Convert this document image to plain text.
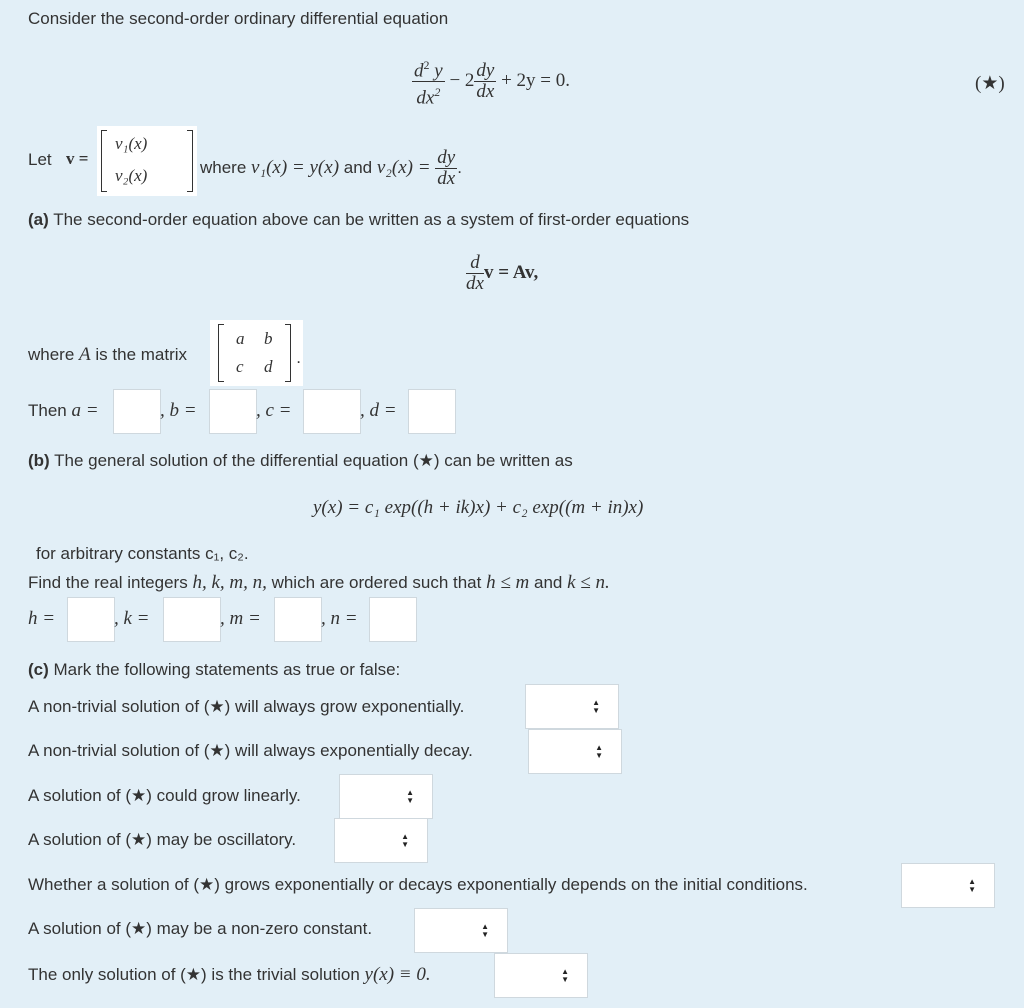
Consider the second-order ordinary differential equation
$\frac{d^2 y}{dx^2} - 2 \frac{dy}{dx} + 2y = 0$.	(★)
Let v =
v₁(x)
v₂(x)	where v₁(x) = y(x) and $v_2(x) = \frac{dy}{dx}$ .
(a) The second-order equation above can be written as a system of first-order equations
$\frac{d}{dx}$ v = Av,
where A is the matrix
a b
c d .
Then a =	, b =	, c =	, d =
(b) The general solution of the differential equation (★) can be written as
y(x) = c₁ exp((h + ik)x) + c₂ exp((m + in)x)
for arbitrary constants c₁, c₂.
Find the real integers h, k, m, n, which are ordered such that h ≤ m and k ≤ n.
h =	, k =	, m =	, n =
(c) Mark the following statements as true or false:
A non-trivial solution of (★) will always grow exponentially.	▲
▼
A non-trivial solution of (★) will always exponentially decay.	▲
▼
A solution of (★) could grow linearly.	▲
▼
A solution of (★) may be oscillatory.	▲
▼
Whether a solution of (★) grows exponentially or decays exponentially depends on the initial conditions.	▲
▼
A solution of (★) may be a non-zero constant.	▲
▼
The only solution of (★) is the trivial solution y(x) ≡ 0.	▲
▼
